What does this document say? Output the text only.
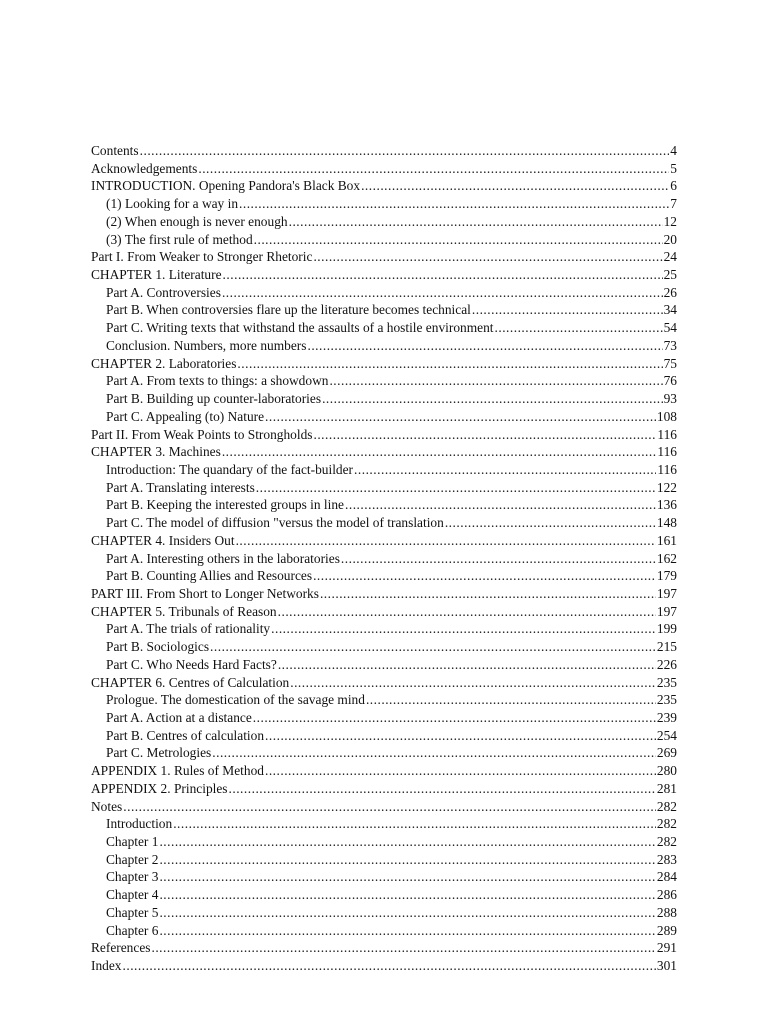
Contents .....	4
Acknowledgements .....	5
INTRODUCTION. Opening Pandora's Black Box .....	6
(1) Looking for a way in .....	7
(2) When enough is never enough .....	12
(3) The first rule of method .....	20
Part I. From Weaker to Stronger Rhetoric .....	24
CHAPTER 1. Literature .....	25
Part A. Controversies .....	26
Part B. When controversies flare up the literature becomes technical .....	34
Part C. Writing texts that withstand the assaults of a hostile environment .....	54
Conclusion. Numbers, more numbers .....	73
CHAPTER 2. Laboratories .....	75
Part A. From texts to things: a showdown .....	76
Part B. Building up counter-laboratories .....	93
Part C. Appealing (to) Nature .....	108
Part II. From Weak Points to Strongholds .....	116
CHAPTER 3. Machines .....	116
Introduction: The quandary of the fact-builder .....	116
Part A. Translating interests .....	122
Part B. Keeping the interested groups in line .....	136
Part C. The model of diffusion "versus the model of translation .....	148
CHAPTER 4. Insiders Out .....	161
Part A. Interesting others in the laboratories .....	162
Part B. Counting Allies and Resources .....	179
PART III. From Short to Longer Networks .....	197
CHAPTER 5. Tribunals of Reason .....	197
Part A. The trials of rationality .....	199
Part B. Sociologics .....	215
Part C. Who Needs Hard Facts? .....	226
CHAPTER 6. Centres of Calculation .....	235
Prologue. The domestication of the savage mind .....	235
Part A. Action at a distance .....	239
Part B. Centres of calculation .....	254
Part C. Metrologies .....	269
APPENDIX 1. Rules of Method .....	280
APPENDIX 2. Principles .....	281
Notes .....	282
Introduction .....	282
Chapter 1 .....	282
Chapter 2 .....	283
Chapter 3 .....	284
Chapter 4 .....	286
Chapter 5 .....	288
Chapter 6 .....	289
References .....	291
Index .....	301
